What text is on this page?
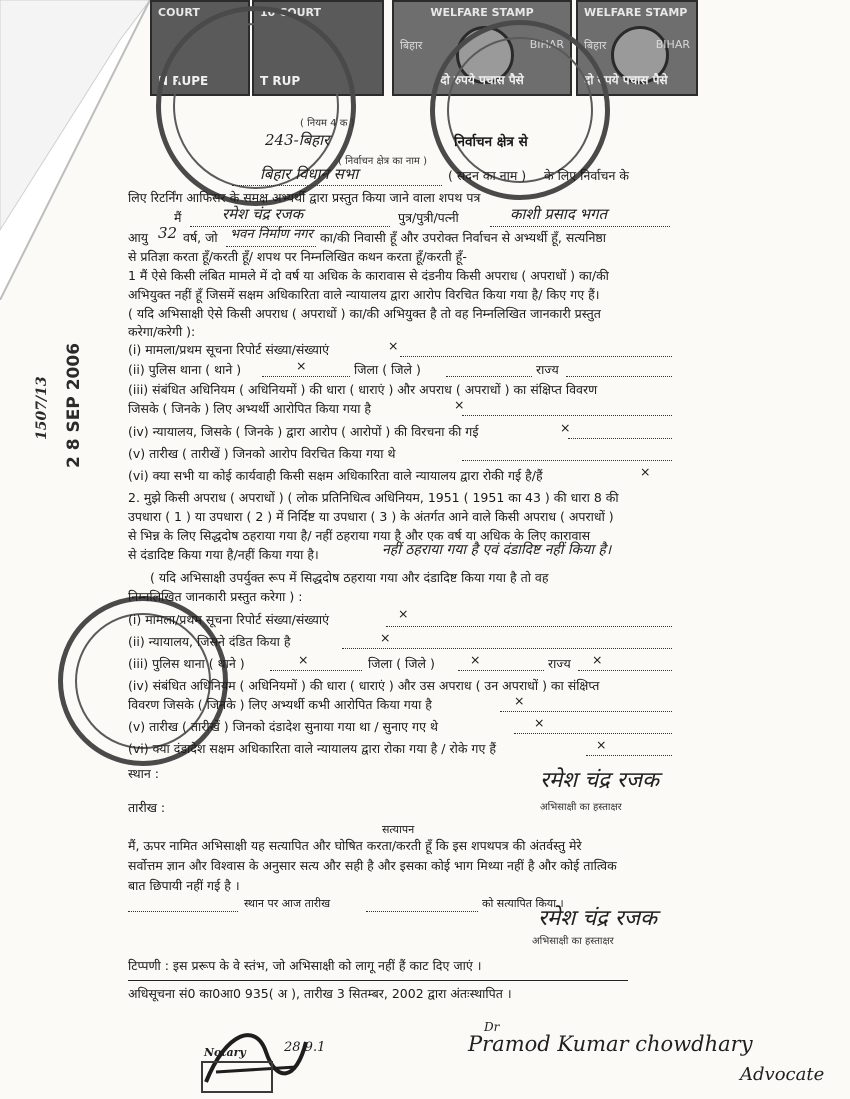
COURT
N RUPE
10 COURT
T RUP
WELFARE STAMP
बिहार	BIHAR
दो रुपये पचास पैसे
WELFARE STAMP
बिहार	BIHAR
दो रुपये पचास पैसे
( नियम 4 क )
243-बिहार	निर्वाचन क्षेत्र से
( निर्वाचन क्षेत्र का नाम )
बिहार विधान सभा	( सदन का नाम ) के लिए निर्वाचन के
लिए रिटर्निंग आफिसर के समक्ष अभ्यर्थी द्वारा प्रस्तुत किया जाने वाला शपथ पत्र
मैं	रमेश चंद्र रजक	पुत्र/पुत्री/पत्नी	काशी प्रसाद भगत
आयु 32 वर्ष, जो भवन निर्माण नगर का/की निवासी हूँ और उपरोक्त निर्वाचन से अभ्यर्थी हूँ, सत्यनिष्ठा
से प्रतिज्ञा करता हूँ/करती हूँ/ शपथ पर निम्नलिखित कथन करता हूँ/करती हूँ-
1 मैं ऐसे किसी लंबित मामले में दो वर्ष या अधिक के कारावास से दंडनीय किसी अपराध ( अपराधों ) का/की
अभियुक्त नहीं हूँ जिसमें सक्षम अधिकारिता वाले न्यायालय द्वारा आरोप विरचित किया गया है/ किए गए हैं।
( यदि अभिसाक्षी ऐसे किसी अपराध ( अपराधों ) का/की अभियुक्त है तो वह निम्नलिखित जानकारी प्रस्तुत
करेगा/करेगी ):
(i) मामला/प्रथम सूचना रिपोर्ट संख्या/संख्याएं	×
(ii) पुलिस थाना ( थाने )	×	जिला ( जिले )	राज्य
(iii) संबंधित अधिनियम ( अधिनियमों ) की धारा ( धाराएं ) और अपराध ( अपराधों ) का संक्षिप्त विवरण
जिसके ( जिनके ) लिए अभ्यर्थी आरोपित किया गया है	×
(iv) न्यायालय, जिसके ( जिनके ) द्वारा आरोप ( आरोपों ) की विरचना की गई	×
(v) तारीख ( तारीखें ) जिनको आरोप विरचित किया गया थे
(vi) क्या सभी या कोई कार्यवाही किसी सक्षम अधिकारिता वाले न्यायालय द्वारा रोकी गई है/हैं	×
2. मुझे किसी अपराध ( अपराधों ) ( लोक प्रतिनिधित्व अधिनियम, 1951 ( 1951 का 43 ) की धारा 8 की
उपधारा ( 1 ) या उपधारा ( 2 ) में निर्दिष्ट या उपधारा ( 3 ) के अंतर्गत आने वाले किसी अपराध ( अपराधों )
से भिन्न के लिए सिद्धदोष ठहराया गया है/ नहीं ठहराया गया है और एक वर्ष या अधिक के लिए कारावास
से दंडादिष्ट किया गया है/नहीं किया गया है।	नहीं ठहराया गया है एवं दंडादिष्ट नहीं किया है।
( यदि अभिसाक्षी उपर्युक्त रूप में सिद्धदोष ठहराया गया और दंडादिष्ट किया गया है तो वह
निम्नलिखित जानकारी प्रस्तुत करेगा ) :
(i) मामला/प्रथम सूचना रिपोर्ट संख्या/संख्याएं	×
(ii) न्यायालय, जिसने दंडित किया है	×
(iii) पुलिस थाना ( थाने )	×	जिला ( जिले )	×	राज्य ×
(iv) संबंधित अधिनियम ( अधिनियमों ) की धारा ( धाराएं ) और उस अपराध ( उन अपराधों ) का संक्षिप्त
विवरण जिसके ( जिनके ) लिए अभ्यर्थी कभी आरोपित किया गया है	×
(v) तारीख ( तारीखें ) जिनको दंडादेश सुनाया गया था / सुनाए गए थे	×
(vi) क्या दंडादेश सक्षम अधिकारिता वाले न्यायालय द्वारा रोका गया है / रोके गए हैं	×
स्थान :	रमेश चंद्र रजक
तारीख :	अभिसाक्षी का हस्ताक्षर
सत्यापन
मैं, ऊपर नामित अभिसाक्षी यह सत्यापित और घोषित करता/करती हूँ कि इस शपथपत्र की अंतर्वस्तु मेरे
सर्वोत्तम ज्ञान और विश्वास के अनुसार सत्य और सही है और इसका कोई भाग मिथ्या नहीं है और कोई तात्विक
बात छिपायी नहीं गई है ।
स्थान पर आज तारीख	को सत्यापित किया ।
रमेश चंद्र रजक
अभिसाक्षी का हस्ताक्षर
टिप्पणी : इस प्ररूप के वे स्तंभ, जो अभिसाक्षी को लागू नहीं हैं काट दिए जाएं ।
अधिसूचना सं0 का0आ0 935( अ ), तारीख 3 सितम्बर, 2002 द्वारा अंतःस्थापित ।
1507/13 2 8 SEP 2006
Dr
Pramod Kumar chowdhary
Advocate
Notary	28.9.1
